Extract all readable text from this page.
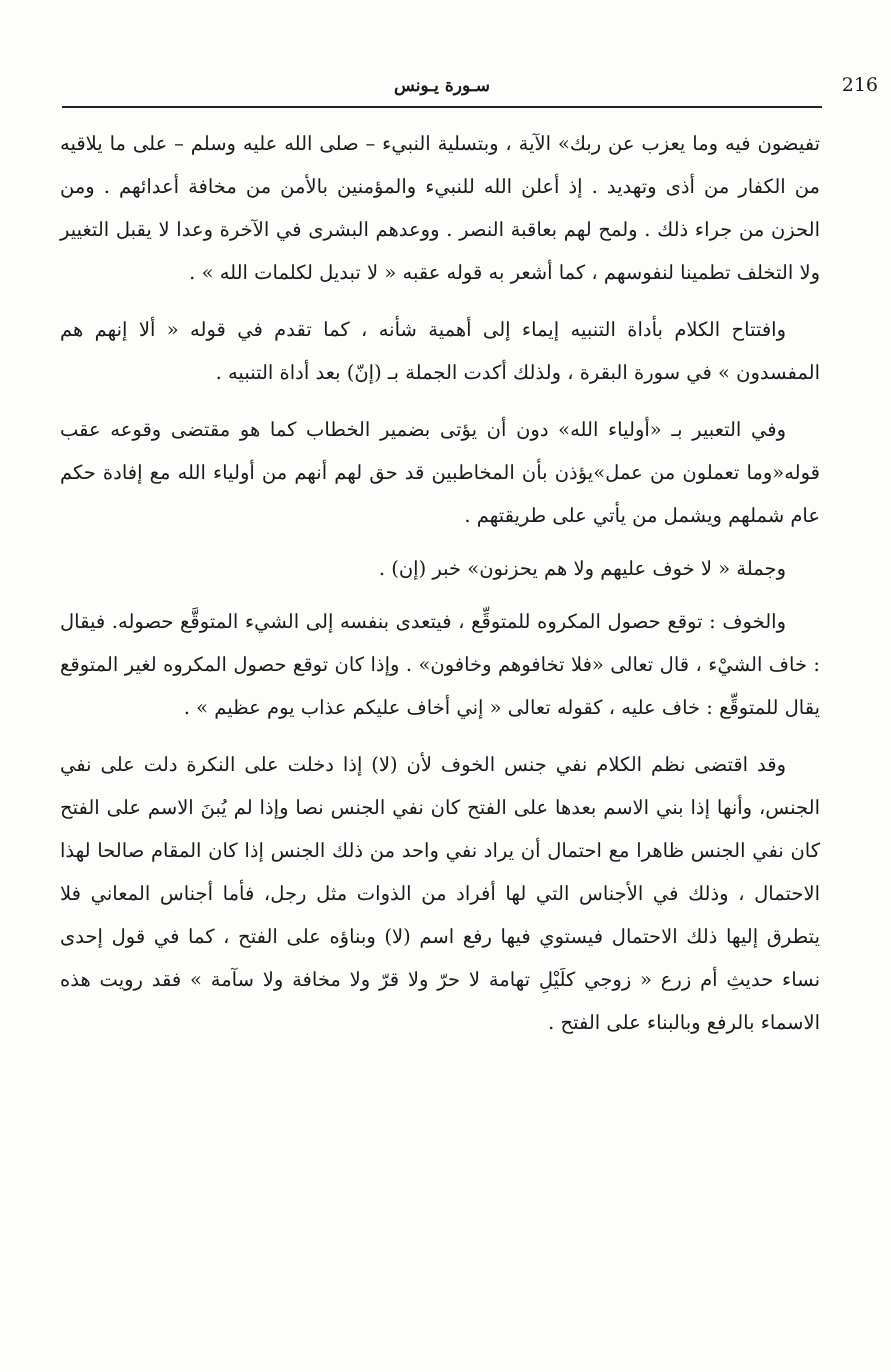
216
سـورة يـونس

تفيضون فيه وما يعزب عن ربك» الآية ، وبتسلية النبيء – صلى الله عليه وسلم – على ما يلاقيه من الكفار من أذى وتهديد . إذ أعلن الله للنبيء والمؤمنين بالأمن من مخافة أعدائهم . ومن الحزن من جراء ذلك . ولمح لهم بعاقبة النصر . ووعدهم البشرى في الآخرة وعدا لا يقبل التغيير ولا التخلف تطمينا لنفوسهم ، كما أشعر به قوله عقبه « لا تبديل لكلمات الله » .

وافتتاح الكلام بأداة التنبيه إيماء إلى أهمية شأنه ، كما تقدم في قوله « ألا إنهم هم المفسدون » في سورة البقرة ، ولذلك أكدت الجملة بـ (إنّ) بعد أداة التنبيه .

وفي التعبير بـ «أولياء الله» دون أن يؤتى بضمير الخطاب كما هو مقتضى وقوعه عقب قوله«وما تعملون من عمل»يؤذن بأن المخاطبين قد حق لهم أنهم من أولياء الله مع إفادة حكم عام شملهم ويشمل من يأتي على طريقتهم .

وجملة « لا خوف عليهم ولا هم يحزنون» خبر (إن) .

والخوف : توقع حصول المكروه للمتوقِّع ، فيتعدى بنفسه إلى الشيء المتوقَّع حصوله. فيقال : خاف الشيْء ، قال تعالى «فلا تخافوهم وخافون» . وإذا كان توقع حصول المكروه لغير المتوقع يقال للمتوقِّع : خاف عليه ، كقوله تعالى « إني أخاف عليكم عذاب يوم عظيم » .

وقد اقتضى نظم الكلام نفي جنس الخوف لأن (لا) إذا دخلت على النكرة دلت على نفي الجنس، وأنها إذا بني الاسم بعدها على الفتح كان نفي الجنس نصا وإذا لم يُبنَ الاسم على الفتح كان نفي الجنس ظاهرا مع احتمال أن يراد نفي واحد من ذلك الجنس إذا كان المقام صالحا لهذا الاحتمال ، وذلك في الأجناس التي لها أفراد من الذوات مثل رجل، فأما أجناس المعاني فلا يتطرق إليها ذلك الاحتمال فيستوي فيها رفع اسم (لا) وبناؤه على الفتح ، كما في قول إحدى نساء حديثِ أم زرع « زوجي كلَيْلِ تهامة لا حرّ ولا قرّ ولا مخافة ولا سآمة » فقد رويت هذه الاسماء بالرفع وبالبناء على الفتح .
